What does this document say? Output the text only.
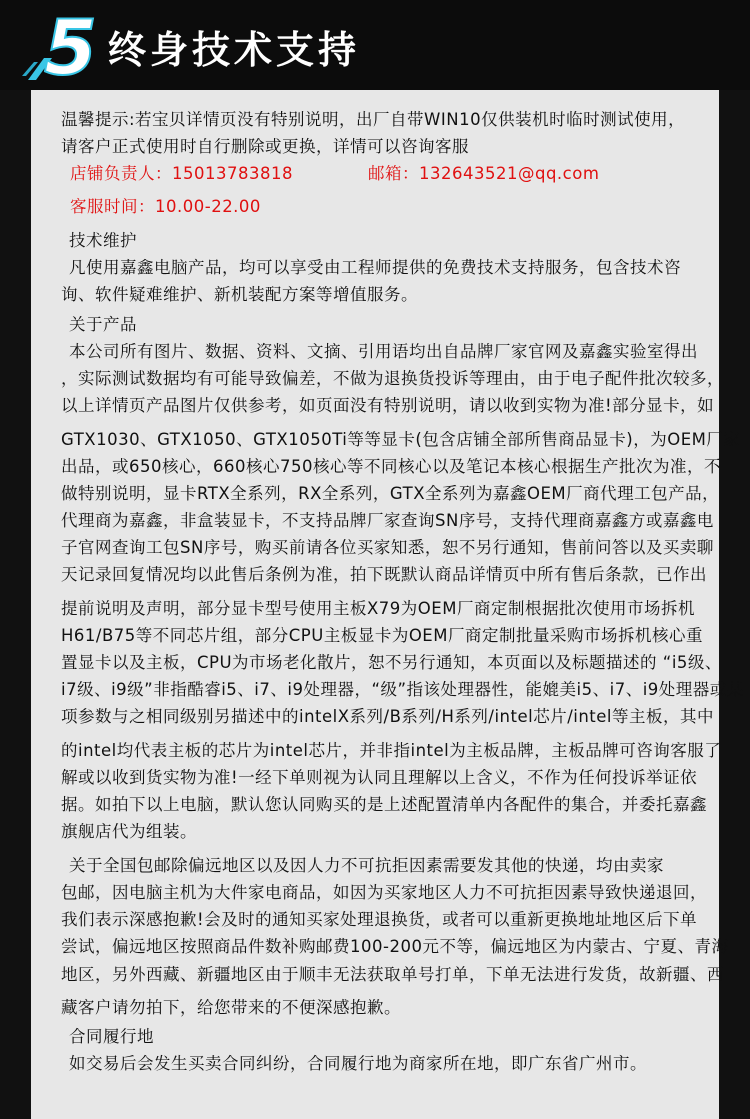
5 终身技术支持
温馨提示:若宝贝详情页没有特别说明，出厂自带WIN10仅供装机时临时测试使用，
请客户正式使用时自行删除或更换，详情可以咨询客服
店铺负责人：15013783818	邮箱：132643521@qq.com
客服时间：10.00-22.00
技术维护
凡使用嘉鑫电脑产品，均可以享受由工程师提供的免费技术支持服务，包含技术咨
询、软件疑难维护、新机装配方案等增值服务。
关于产品
本公司所有图片、数据、资料、文摘、引用语均出自品牌厂家官网及嘉鑫实验室得出
，实际测试数据均有可能导致偏差，不做为退换货投诉等理由，由于电子配件批次较多，
以上详情页产品图片仅供参考，如页面没有特别说明，请以收到实物为准!部分显卡，如
GTX1030、GTX1050、GTX1050Ti等等显卡(包含店铺全部所售商品显卡)，为OEM厂家
出品，或650核心，660核心750核心等不同核心以及笔记本核心根据生产批次为准，不
做特别说明，显卡RTX全系列，RX全系列，GTX全系列为嘉鑫OEM厂商代理工包产品，
代理商为嘉鑫，非盒装显卡，不支持品牌厂家查询SN序号，支持代理商嘉鑫方或嘉鑫电
子官网查询工包SN序号，购买前请各位买家知悉，恕不另行通知，售前问答以及买卖聊
天记录回复情况均以此售后条例为准，拍下既默认商品详情页中所有售后条款，已作出
提前说明及声明，部分显卡型号使用主板X79为OEM厂商定制根据批次使用市场拆机
H61/B75等不同芯片组，部分CPU主板显卡为OEM厂商定制批量采购市场拆机核心重
置显卡以及主板，CPU为市场老化散片，恕不另行通知，本页面以及标题描述的 “i5级、
i7级、i9级”非指酷睿i5、i7、i9处理器，“级”指该处理器性，能媲美i5、i7、i9处理器或某
项参数与之相同级别另描述中的intelX系列/B系列/H系列/intel芯片/intel等主板，其中
的intel均代表主板的芯片为intel芯片，并非指intel为主板品牌，主板品牌可咨询客服了
解或以收到货实物为准!一经下单则视为认同且理解以上含义，不作为任何投诉举证依
据。如拍下以上电脑，默认您认同购买的是上述配置清单内各配件的集合，并委托嘉鑫
旗舰店代为组装。
关于全国包邮除偏远地区以及因人力不可抗拒因素需要发其他的快递，均由卖家
包邮，因电脑主机为大件家电商品，如因为买家地区人力不可抗拒因素导致快递退回，
我们表示深感抱歉!会及时的通知买家处理退换货，或者可以重新更换地址地区后下单
尝试，偏远地区按照商品件数补购邮费100-200元不等，偏远地区为内蒙古、宁夏、青海
地区，另外西藏、新疆地区由于顺丰无法获取单号打单，下单无法进行发货，故新疆、西
藏客户请勿拍下，给您带来的不便深感抱歉。
合同履行地
如交易后会发生买卖合同纠纷，合同履行地为商家所在地，即广东省广州市。
